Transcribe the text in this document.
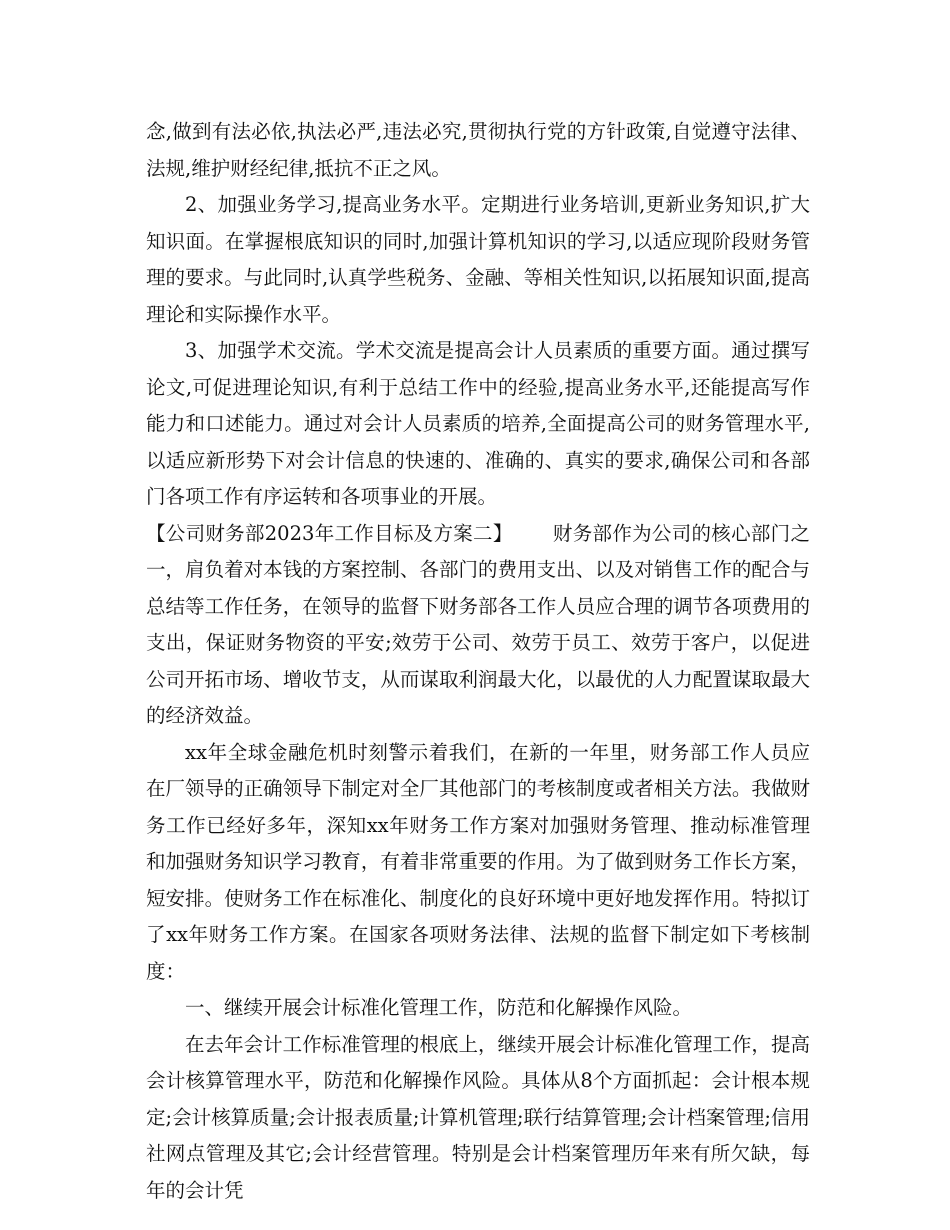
念,做到有法必依,执法必严,违法必究,贯彻执行党的方针政策,自觉遵守法律、法规,维护财经纪律,抵抗不正之风。

2、加强业务学习,提高业务水平。定期进行业务培训,更新业务知识,扩大知识面。在掌握根底知识的同时,加强计算机知识的学习,以适应现阶段财务管理的要求。与此同时,认真学些税务、金融、等相关性知识,以拓展知识面,提高理论和实际操作水平。

3、加强学术交流。学术交流是提高会计人员素质的重要方面。通过撰写论文,可促进理论知识,有利于总结工作中的经验,提高业务水平,还能提高写作能力和口述能力。通过对会计人员素质的培养,全面提高公司的财务管理水平,以适应新形势下对会计信息的快速的、准确的、真实的要求,确保公司和各部门各项工作有序运转和各项事业的开展。

【公司财务部2023年工作目标及方案二】 财务部作为公司的核心部门之一，肩负着对本钱的方案控制、各部门的费用支出、以及对销售工作的配合与总结等工作任务，在领导的监督下财务部各工作人员应合理的调节各项费用的支出，保证财务物资的平安;效劳于公司、效劳于员工、效劳于客户，以促进公司开拓市场、增收节支，从而谋取利润最大化，以最优的人力配置谋取最大的经济效益。

xx年全球金融危机时刻警示着我们，在新的一年里，财务部工作人员应在厂领导的正确领导下制定对全厂其他部门的考核制度或者相关方法。我做财务工作已经好多年，深知xx年财务工作方案对加强财务管理、推动标准管理和加强财务知识学习教育，有着非常重要的作用。为了做到财务工作长方案，短安排。使财务工作在标准化、制度化的良好环境中更好地发挥作用。特拟订了xx年财务工作方案。在国家各项财务法律、法规的监督下制定如下考核制度：

一、继续开展会计标准化管理工作，防范和化解操作风险。

在去年会计工作标准管理的根底上，继续开展会计标准化管理工作，提高会计核算管理水平，防范和化解操作风险。具体从8个方面抓起：会计根本规定;会计核算质量;会计报表质量;计算机管理;联行结算管理;会计档案管理;信用社网点管理及其它;会计经营管理。特别是会计档案管理历年来有所欠缺，每年的会计凭
